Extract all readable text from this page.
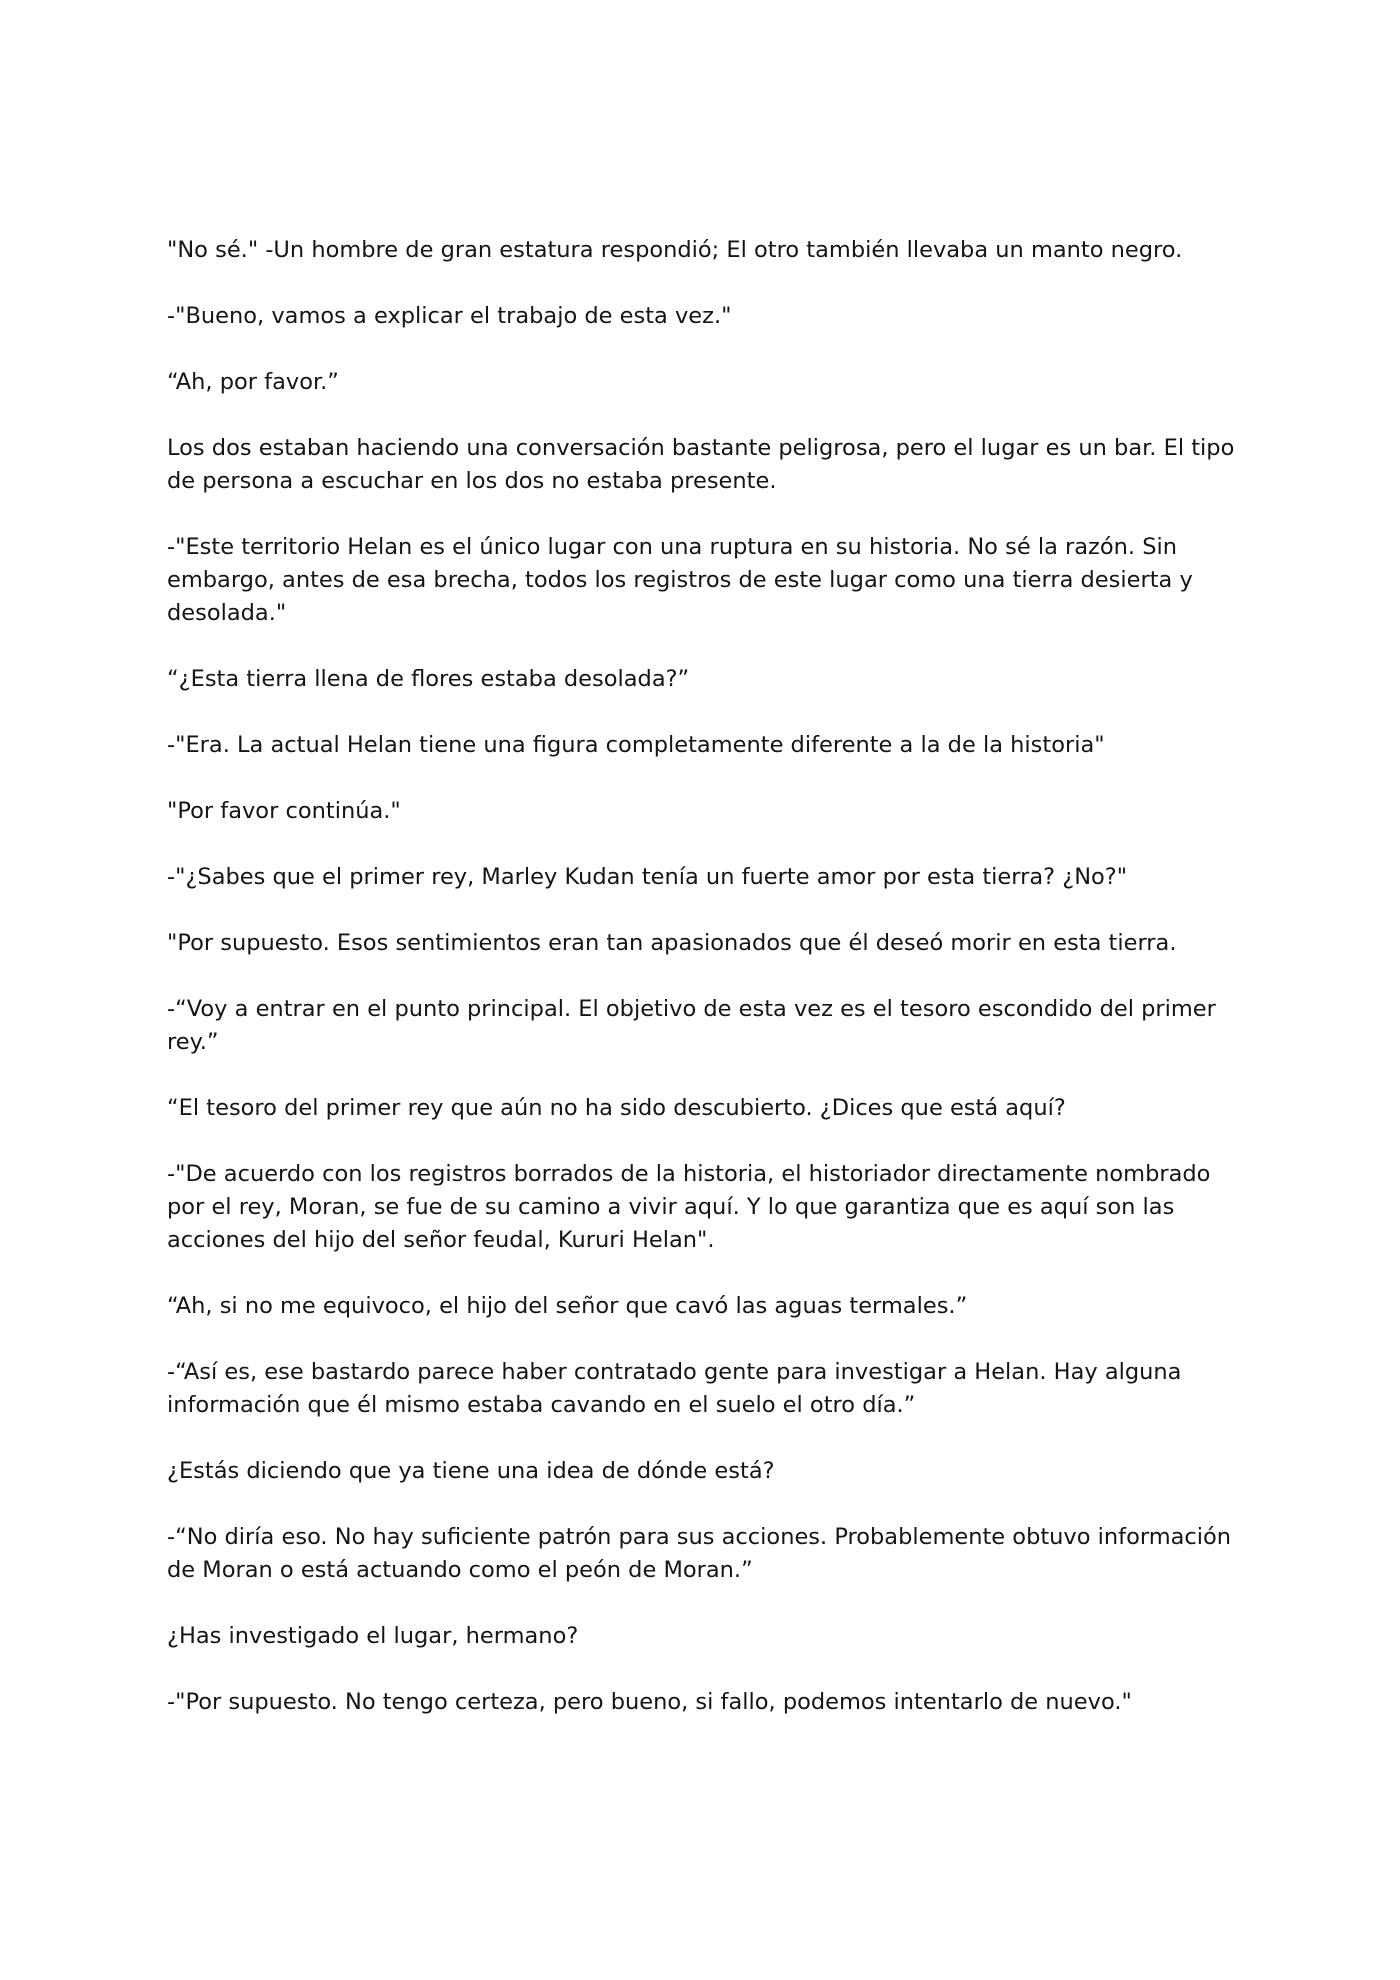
"No sé." -Un hombre de gran estatura respondió; El otro también llevaba un manto negro.

-"Bueno, vamos a explicar el trabajo de esta vez."

“Ah, por favor.”

Los dos estaban haciendo una conversación bastante peligrosa, pero el lugar es un bar. El tipo de persona a escuchar en los dos no estaba presente.

-"Este territorio Helan es el único lugar con una ruptura en su historia. No sé la razón. Sin embargo, antes de esa brecha, todos los registros de este lugar como una tierra desierta y desolada."

“¿Esta tierra llena de flores estaba desolada?”

-"Era. La actual Helan tiene una figura completamente diferente a la de la historia"

"Por favor continúa."

-"¿Sabes que el primer rey, Marley Kudan tenía un fuerte amor por esta tierra? ¿No?"

"Por supuesto. Esos sentimientos eran tan apasionados que él deseó morir en esta tierra.

-“Voy a entrar en el punto principal. El objetivo de esta vez es el tesoro escondido del primer rey.”

“El tesoro del primer rey que aún no ha sido descubierto. ¿Dices que está aquí?

-"De acuerdo con los registros borrados de la historia, el historiador directamente nombrado por el rey, Moran, se fue de su camino a vivir aquí. Y lo que garantiza que es aquí son las acciones del hijo del señor feudal, Kururi Helan".

“Ah, si no me equivoco, el hijo del señor que cavó las aguas termales.”

-“Así es, ese bastardo parece haber contratado gente para investigar a Helan. Hay alguna información que él mismo estaba cavando en el suelo el otro día.”

¿Estás diciendo que ya tiene una idea de dónde está?

-“No diría eso. No hay suficiente patrón para sus acciones. Probablemente obtuvo información de Moran o está actuando como el peón de Moran.”

¿Has investigado el lugar, hermano?

-"Por supuesto. No tengo certeza, pero bueno, si fallo, podemos intentarlo de nuevo."
